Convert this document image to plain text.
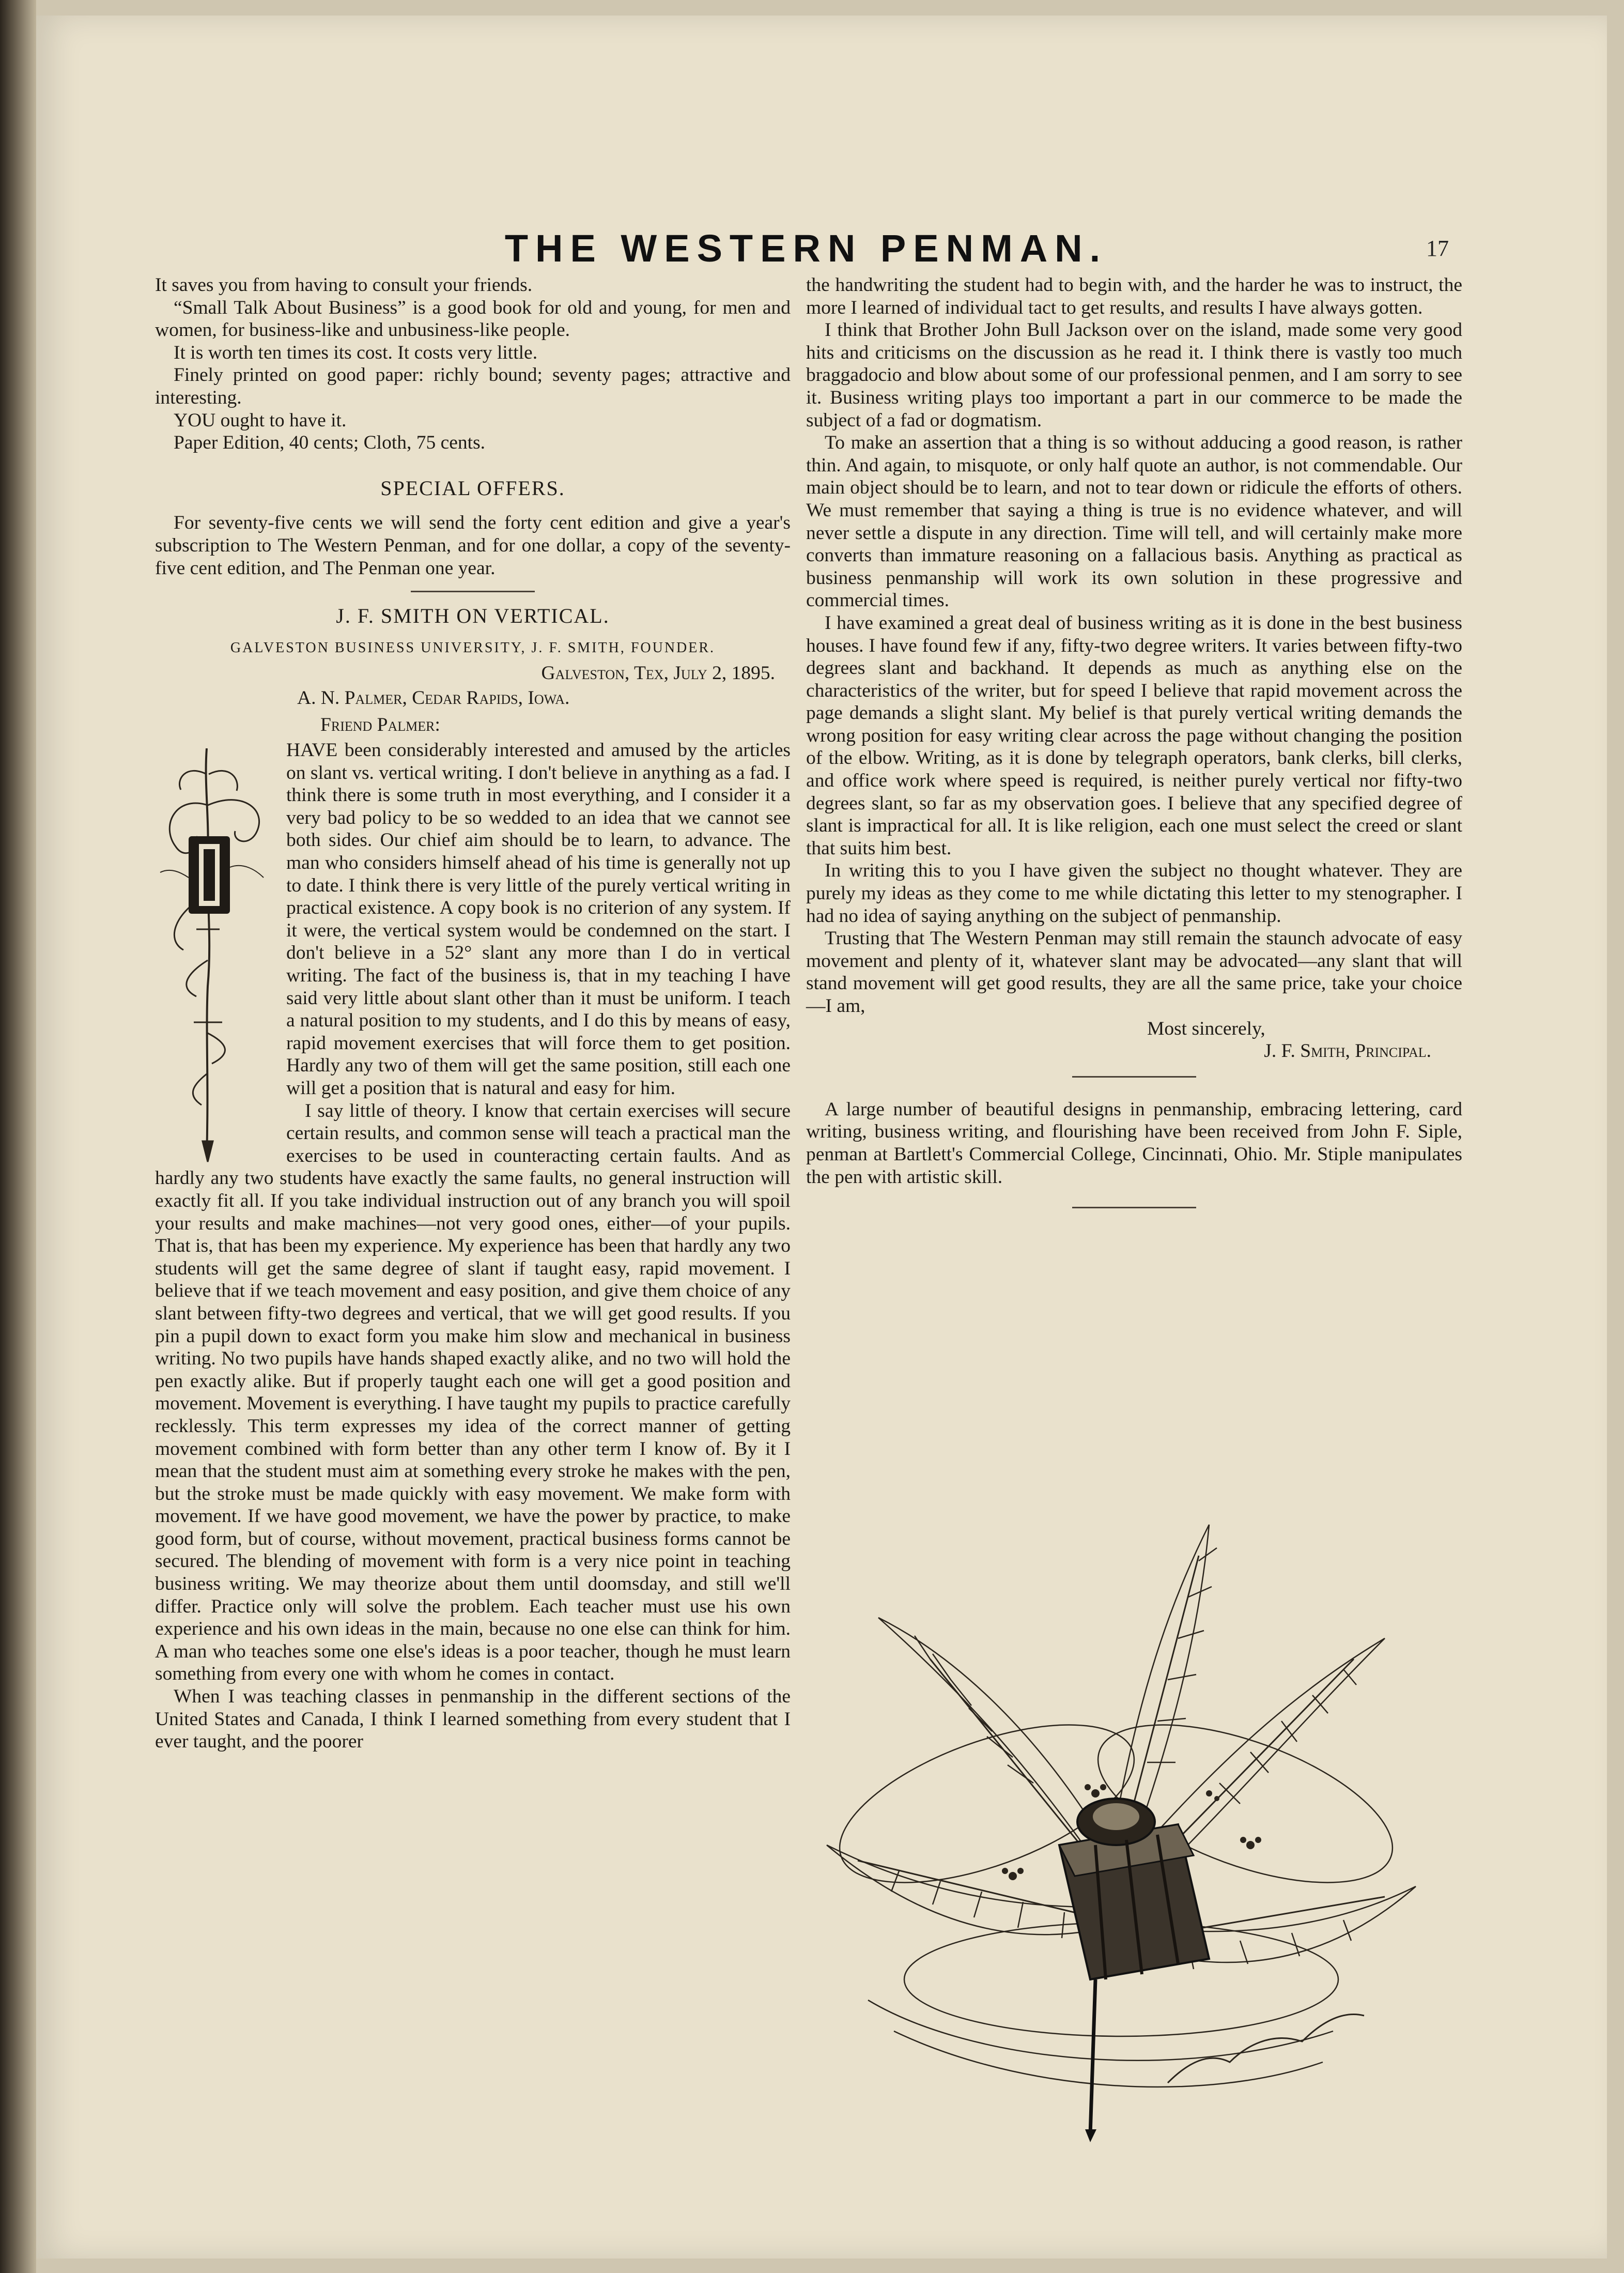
THE WESTERN PENMAN.	17

It saves you from having to consult your friends.

“Small Talk About Business” is a good book for old and young, for men and women, for business-like and unbusiness-like people.

It is worth ten times its cost. It costs very little.

Finely printed on good paper: richly bound; seventy pages; attractive and interesting.

YOU ought to have it.

Paper Edition, 40 cents; Cloth, 75 cents.

SPECIAL OFFERS.

For seventy-five cents we will send the forty cent edition and give a year's subscription to The Western Penman, and for one dollar, a copy of the seventy-five cent edition, and The Penman one year.

J. F. SMITH ON VERTICAL.
GALVESTON BUSINESS UNIVERSITY, J. F. SMITH, FOUNDER.
Galveston, Tex, July 2, 1895.
A. N. Palmer, Cedar Rapids, Iowa.
Friend Palmer:

HAVE been considerably interested and amused by the articles on slant vs. vertical writing. I don't believe in anything as a fad. I think there is some truth in most everything, and I consider it a very bad policy to be so wedded to an idea that we cannot see both sides. Our chief aim should be to learn, to advance. The man who considers himself ahead of his time is generally not up to date. I think there is very little of the purely vertical writing in practical existence. A copy book is no criterion of any system. If it were, the vertical system would be condemned on the start. I don't believe in a 52° slant any more than I do in vertical writing. The fact of the business is, that in my teaching I have said very little about slant other than it must be uniform. I teach a natural position to my students, and I do this by means of easy, rapid movement exercises that will force them to get position. Hardly any two of them will get the same position, still each one will get a position that is natural and easy for him.

I say little of theory. I know that certain exercises will secure certain results, and common sense will teach a practical man the exercises to be used in counteracting certain faults. And as hardly any two students have exactly the same faults, no general instruction will exactly fit all. If you take individual instruction out of any branch you will spoil your results and make machines—not very good ones, either—of your pupils. That is, that has been my experience. My experience has been that hardly any two students will get the same degree of slant if taught easy, rapid movement. I believe that if we teach movement and easy position, and give them choice of any slant between fifty-two degrees and vertical, that we will get good results. If you pin a pupil down to exact form you make him slow and mechanical in business writing. No two pupils have hands shaped exactly alike, and no two will hold the pen exactly alike. But if properly taught each one will get a good position and movement. Movement is everything. I have taught my pupils to practice carefully recklessly. This term expresses my idea of the correct manner of getting movement combined with form better than any other term I know of. By it I mean that the student must aim at something every stroke he makes with the pen, but the stroke must be made quickly with easy movement. We make form with movement. If we have good movement, we have the power by practice, to make good form, but of course, without movement, practical business forms cannot be secured. The blending of movement with form is a very nice point in teaching business writing. We may theorize about them until doomsday, and still we'll differ. Practice only will solve the problem. Each teacher must use his own experience and his own ideas in the main, because no one else can think for him. A man who teaches some one else's ideas is a poor teacher, though he must learn something from every one with whom he comes in contact.

When I was teaching classes in penmanship in the different sections of the United States and Canada, I think I learned something from every student that I ever taught, and the poorer

the handwriting the student had to begin with, and the harder he was to instruct, the more I learned of individual tact to get results, and results I have always gotten.

I think that Brother John Bull Jackson over on the island, made some very good hits and criticisms on the discussion as he read it. I think there is vastly too much braggadocio and blow about some of our professional penmen, and I am sorry to see it. Business writing plays too important a part in our commerce to be made the subject of a fad or dogmatism.

To make an assertion that a thing is so without adducing a good reason, is rather thin. And again, to misquote, or only half quote an author, is not commendable. Our main object should be to learn, and not to tear down or ridicule the efforts of others. We must remember that saying a thing is true is no evidence whatever, and will never settle a dispute in any direction. Time will tell, and will certainly make more converts than immature reasoning on a fallacious basis. Anything as practical as business penmanship will work its own solution in these progressive and commercial times.

I have examined a great deal of business writing as it is done in the best business houses. I have found few if any, fifty-two degree writers. It varies between fifty-two degrees slant and backhand. It depends as much as anything else on the characteristics of the writer, but for speed I believe that rapid movement across the page demands a slight slant. My belief is that purely vertical writing demands the wrong position for easy writing clear across the page without changing the position of the elbow. Writing, as it is done by telegraph operators, bank clerks, bill clerks, and office work where speed is required, is neither purely vertical nor fifty-two degrees slant, so far as my observation goes. I believe that any specified degree of slant is impractical for all. It is like religion, each one must select the creed or slant that suits him best.

In writing this to you I have given the subject no thought whatever. They are purely my ideas as they come to me while dictating this letter to my stenographer. I had no idea of saying anything on the subject of penmanship.

Trusting that The Western Penman may still remain the staunch advocate of easy movement and plenty of it, whatever slant may be advocated—any slant that will stand movement will get good results, they are all the same price, take your choice—I am,

Most sincerely,

J. F. Smith, Principal.

A large number of beautiful designs in penmanship, embracing lettering, card writing, business writing, and flourishing have been received from John F. Siple, penman at Bartlett's Commercial College, Cincinnati, Ohio. Mr. Stiple manipulates the pen with artistic skill.
